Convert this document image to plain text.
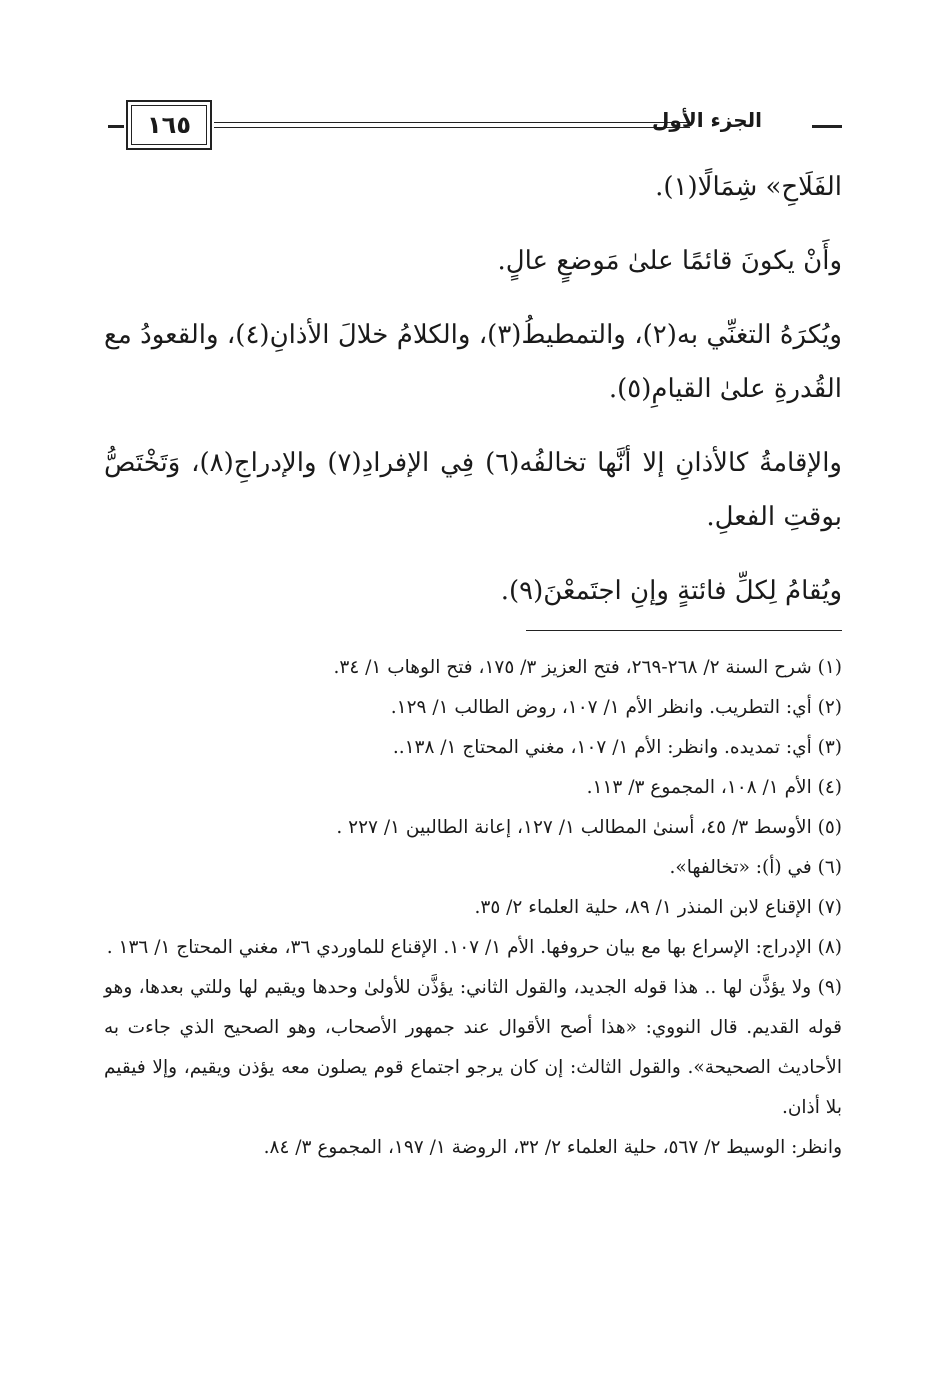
١٦٥	الجزء الأول

الفَلَاحِ» شِمَالًا(١).

وأَنْ يكونَ قائمًا علىٰ مَوضعٍ عالٍ.

ويُكرَهُ التغنِّي به(٢)، والتمطيطُ(٣)، والكلامُ خلالَ الأذانِ(٤)، والقعودُ مع القُدرةِ علىٰ القيامِ(٥).

والإقامةُ كالأذانِ إلا أنَّها تخالفُه(٦) فِي الإفرادِ(٧) والإدراجِ(٨)، وَتَخْتَصُّ بوقتِ الفعلِ.

ويُقامُ لِكلِّ فائتةٍ وإنِ اجتَمعْنَ(٩).

(١) شرح السنة ٢/ ٢٦٨-٢٦٩، فتح العزيز ٣/ ١٧٥، فتح الوهاب ١/ ٣٤.

(٢) أي: التطريب. وانظر الأم ١/ ١٠٧، روض الطالب ١/ ١٢٩.

(٣) أي: تمديده. وانظر: الأم ١/ ١٠٧، مغني المحتاج ١/ ١٣٨..

(٤) الأم ١/ ١٠٨، المجموع ٣/ ١١٣.

(٥) الأوسط ٣/ ٤٥، أسنىٰ المطالب ١/ ١٢٧، إعانة الطالبين ١/ ٢٢٧ .

(٦) في (أ): «تخالفها».

(٧) الإقناع لابن المنذر ١/ ٨٩، حلية العلماء ٢/ ٣٥.

(٨) الإدراج: الإسراع بها مع بيان حروفها. الأم ١/ ١٠٧. الإقناع للماوردي ٣٦، مغني المحتاج ١/ ١٣٦ .

(٩) ولا يؤذَّن لها .. هذا قوله الجديد، والقول الثاني: يؤذَّن للأولىٰ وحدها ويقيم لها وللتي بعدها، وهو قوله القديم. قال النووي: «هذا أصح الأقوال عند جمهور الأصحاب، وهو الصحيح الذي جاءت به الأحاديث الصحيحة». والقول الثالث: إن كان يرجو اجتماع قوم يصلون معه يؤذن ويقيم، وإلا فيقيم بلا أذان.

وانظر: الوسيط ٢/ ٥٦٧، حلية العلماء ٢/ ٣٢، الروضة ١/ ١٩٧، المجموع ٣/ ٨٤.
